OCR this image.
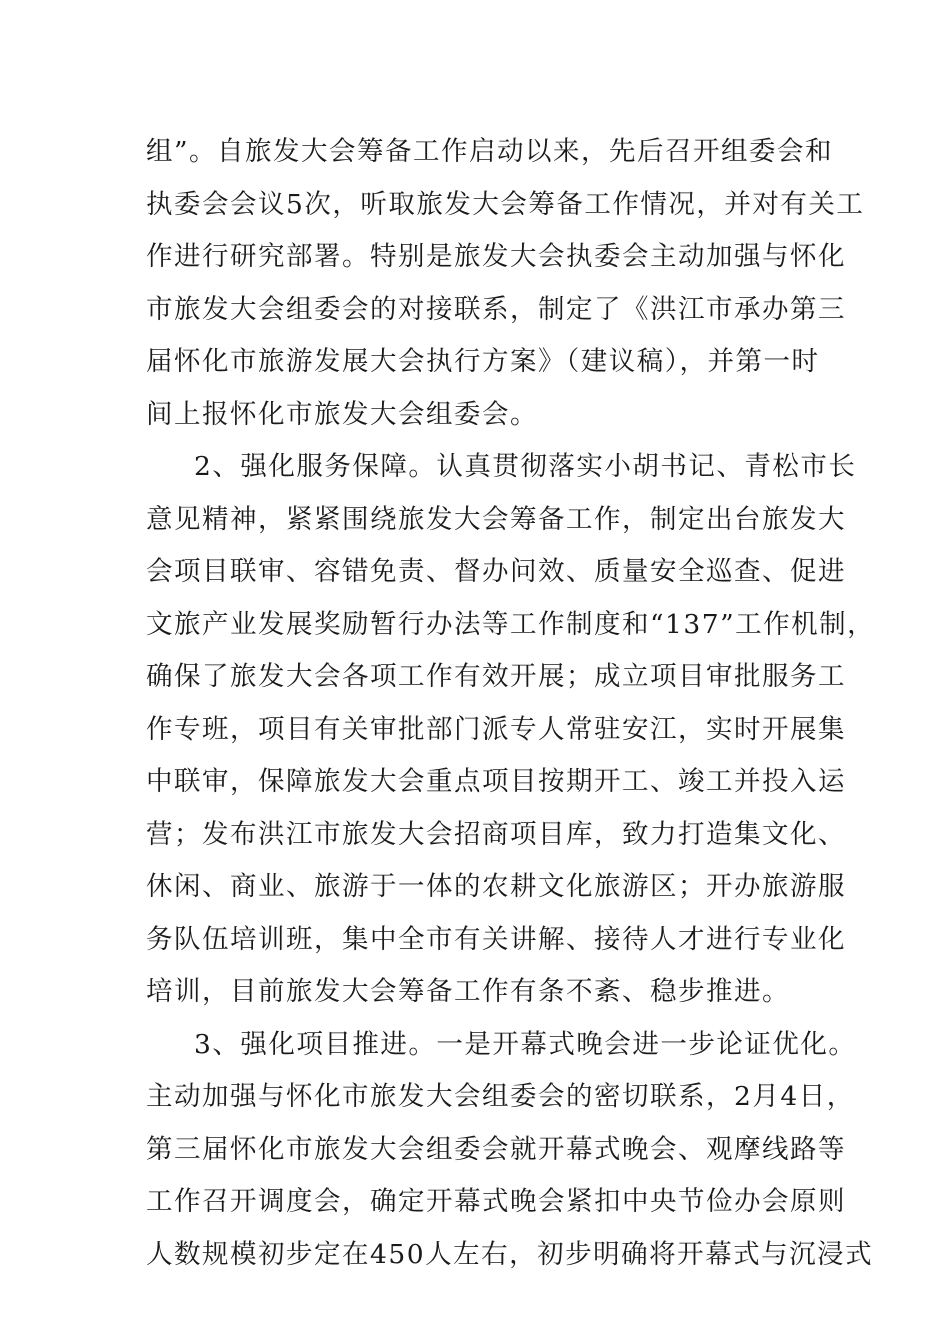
组”。自旅发大会筹备工作启动以来，先后召开组委会和
执委会会议5次，听取旅发大会筹备工作情况，并对有关工
作进行研究部署。特别是旅发大会执委会主动加强与怀化
市旅发大会组委会的对接联系，制定了《洪江市承办第三
届怀化市旅游发展大会执行方案》（建议稿），并第一时
间上报怀化市旅发大会组委会。
2、强化服务保障。认真贯彻落实小胡书记、青松市长
意见精神，紧紧围绕旅发大会筹备工作，制定出台旅发大
会项目联审、容错免责、督办问效、质量安全巡查、促进
文旅产业发展奖励暂行办法等工作制度和“137”工作机制，
确保了旅发大会各项工作有效开展；成立项目审批服务工
作专班，项目有关审批部门派专人常驻安江，实时开展集
中联审，保障旅发大会重点项目按期开工、竣工并投入运
营；发布洪江市旅发大会招商项目库，致力打造集文化、
休闲、商业、旅游于一体的农耕文化旅游区；开办旅游服
务队伍培训班，集中全市有关讲解、接待人才进行专业化
培训，目前旅发大会筹备工作有条不紊、稳步推进。
3、强化项目推进。一是开幕式晚会进一步论证优化。
主动加强与怀化市旅发大会组委会的密切联系，2月4日，
第三届怀化市旅发大会组委会就开幕式晚会、观摩线路等
工作召开调度会，确定开幕式晚会紧扣中央节俭办会原则
人数规模初步定在450人左右，初步明确将开幕式与沉浸式
